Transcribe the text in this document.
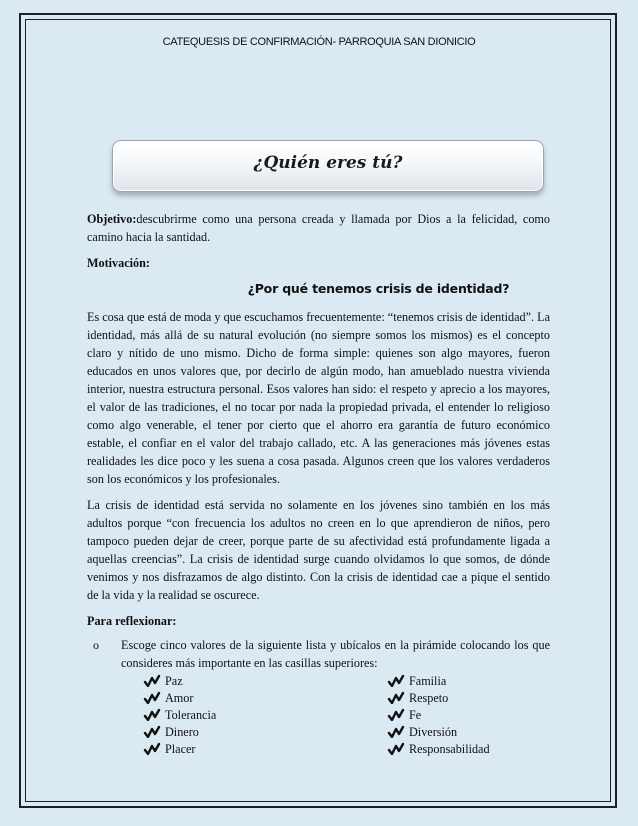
CATEQUESIS DE CONFIRMACIÓN- PARROQUIA SAN DIONICIO
¿Quién eres tú?

Objetivo:descubrirme como una persona creada y llamada por Dios a la felicidad, como camino hacia la santidad.

Motivación:

¿Por qué tenemos crisis de identidad?

Es cosa que está de moda y que escuchamos frecuentemente: “tenemos crisis de identidad”. La identidad, más allá de su natural evolución (no siempre somos los mismos) es el concepto claro y nítido de uno mismo. Dicho de forma simple: quienes son algo mayores, fueron educados en unos valores que, por decirlo de algún modo, han amueblado nuestra vivienda interior, nuestra estructura personal. Esos valores han sido: el respeto y aprecio a los mayores, el valor de las tradiciones, el no tocar por nada la propiedad privada, el entender lo religioso como algo venerable, el tener por cierto que el ahorro era garantía de futuro económico estable, el confiar en el valor del trabajo callado, etc. A las generaciones más jóvenes estas realidades les dice poco y les suena a cosa pasada. Algunos creen que los valores verdaderos son los económicos y los profesionales.

La crisis de identidad está servida no solamente en los jóvenes sino también en los más adultos porque “con frecuencia los adultos no creen en lo que aprendieron de niños, pero tampoco pueden dejar de creer, porque parte de su afectividad está profundamente ligada a aquellas creencias”. La crisis de identidad surge cuando olvidamos lo que somos, de dónde venimos y nos disfrazamos de algo distinto. Con la crisis de identidad cae a pique el sentido de la vida y la realidad se oscurece.

Para reflexionar:

o	Escoge cinco valores de la siguiente lista y ubícalos en la pirámide colocando los que consideres más importante en las casillas superiores:
Paz
Amor
Tolerancia
Dinero
Placer
Familia
Respeto
Fe
Diversión
Responsabilidad
